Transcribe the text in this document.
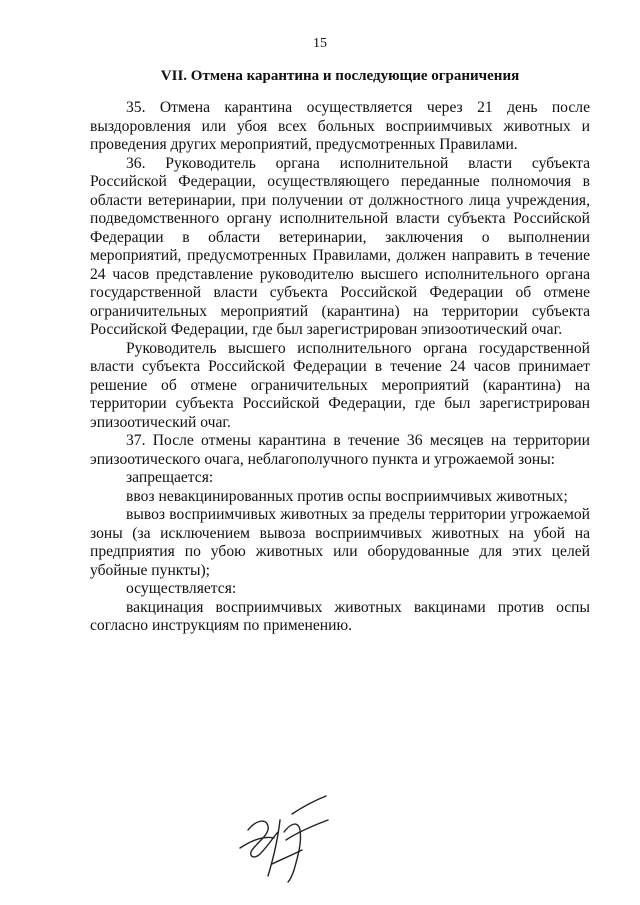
15
VII. Отмена карантина и последующие ограничения

35. Отмена карантина осуществляется через 21 день после выздоровления или убоя всех больных восприимчивых животных и проведения других мероприятий, предусмотренных Правилами.

36. Руководитель органа исполнительной власти субъекта Российской Федерации, осуществляющего переданные полномочия в области ветеринарии, при получении от должностного лица учреждения, подведомственного органу исполнительной власти субъекта Российской Федерации в области ветеринарии, заключения о выполнении мероприятий, предусмотренных Правилами, должен направить в течение 24 часов представление руководителю высшего исполнительного органа государственной власти субъекта Российской Федерации об отмене ограничительных мероприятий (карантина) на территории субъекта Российской Федерации, где был зарегистрирован эпизоотический очаг.

Руководитель высшего исполнительного органа государственной власти субъекта Российской Федерации в течение 24 часов принимает решение об отмене ограничительных мероприятий (карантина) на территории субъекта Российской Федерации, где был зарегистрирован эпизоотический очаг.

37. После отмены карантина в течение 36 месяцев на территории эпизоотического очага, неблагополучного пункта и угрожаемой зоны:

запрещается:

ввоз невакцинированных против оспы восприимчивых животных;

вывоз восприимчивых животных за пределы территории угрожаемой зоны (за исключением вывоза восприимчивых животных на убой на предприятия по убою животных или оборудованные для этих целей убойные пункты);

осуществляется:

вакцинация восприимчивых животных вакцинами против оспы согласно инструкциям по применению.
